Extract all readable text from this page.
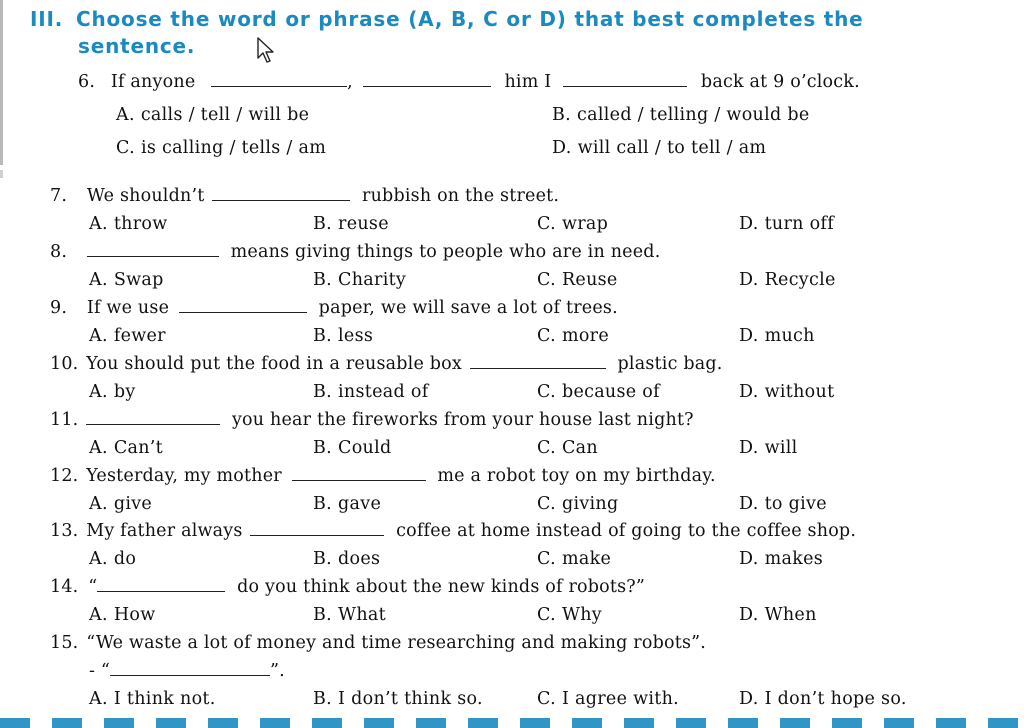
III. Choose the word or phrase (A, B, C or D) that best completes the
sentence.
6. If anyone	,	him I	back at 9 o’clock.
A. calls / tell / will be	B. called / telling / would be
C. is calling / tells / am	D. will call / to tell / am
7. We shouldn’t	rubbish on the street.
A. throw	B. reuse	C. wrap	D. turn off
8.	means giving things to people who are in need.
A. Swap	B. Charity	C. Reuse	D. Recycle
9. If we use	paper, we will save a lot of trees.
A. fewer	B. less	C. more	D. much
10. You should put the food in a reusable box	plastic bag.
A. by	B. instead of	C. because of	D. without
11.	you hear the fireworks from your house last night?
A. Can’t	B. Could	C. Can	D. will
12. Yesterday, my mother	me a robot toy on my birthday.
A. give	B. gave	C. giving	D. to give
13. My father always	coffee at home instead of going to the coffee shop.
A. do	B. does	C. make	D. makes
14. “	do you think about the new kinds of robots?”
A. How	B. What	C. Why	D. When
15. “We waste a lot of money and time researching and making robots”.
- “	”.
A. I think not.	B. I don’t think so.	C. I agree with.	D. I don’t hope so.
